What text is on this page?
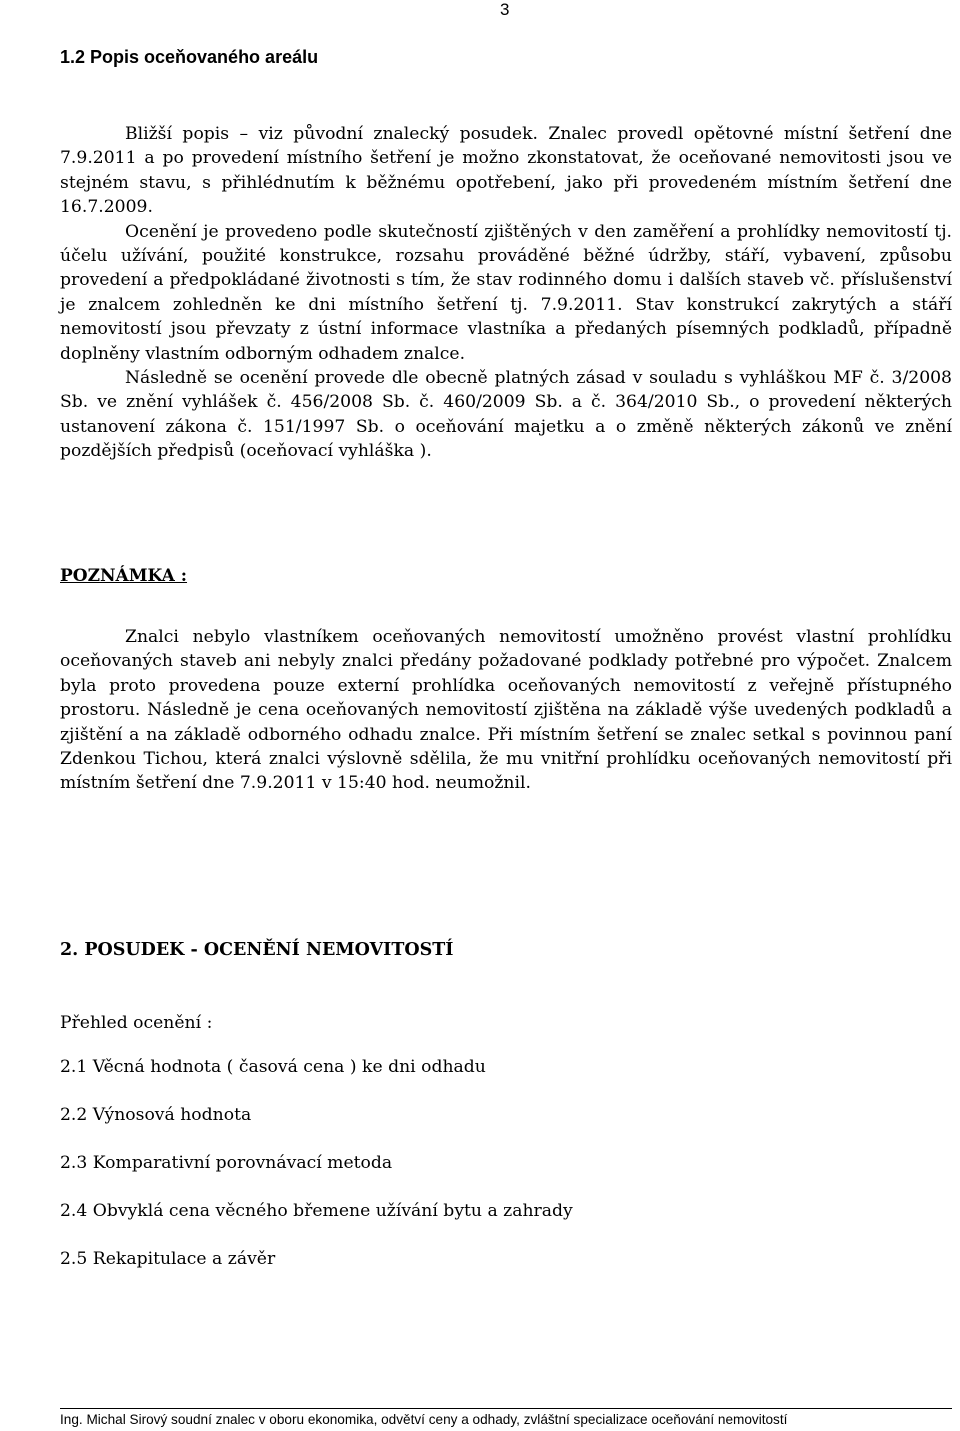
3
1.2 Popis oceňovaného areálu
Bližší popis – viz původní znalecký posudek. Znalec provedl opětovné místní šetření dne 7.9.2011 a po provedení místního šetření je možno zkonstatovat, že oceňované nemovitosti jsou ve stejném stavu, s přihlédnutím k běžnému opotřebení, jako při provedeném místním šetření dne 16.7.2009.
Ocenění je provedeno podle skutečností zjištěných v den zaměření a prohlídky nemovitostí tj. účelu užívání, použité konstrukce, rozsahu prováděné běžné údržby, stáří, vybavení, způsobu provedení a předpokládané životnosti s tím, že stav rodinného domu i dalších staveb vč. příslušenství je znalcem zohledněn ke dni místního šetření tj. 7.9.2011. Stav konstrukcí zakrytých a stáří nemovitostí jsou převzaty z ústní informace vlastníka a předaných písemných podkladů, případně doplněny vlastním odborným odhadem znalce.
Následně se ocenění provede dle obecně platných zásad v souladu s vyhláškou MF č. 3/2008 Sb. ve znění vyhlášek č. 456/2008 Sb. č. 460/2009 Sb. a č. 364/2010 Sb., o provedení některých ustanovení zákona č. 151/1997 Sb. o oceňování majetku a o změně některých zákonů ve znění pozdějších předpisů (oceňovací vyhláška ).
POZNÁMKA :
Znalci nebylo vlastníkem oceňovaných nemovitostí umožněno provést vlastní prohlídku oceňovaných staveb ani nebyly znalci předány požadované podklady potřebné pro výpočet. Znalcem byla proto provedena pouze externí prohlídka oceňovaných nemovitostí z veřejně přístupného prostoru. Následně je cena oceňovaných nemovitostí zjištěna na základě výše uvedených podkladů a zjištění a na základě odborného odhadu znalce. Při místním šetření se znalec setkal s povinnou paní Zdenkou Tichou, která znalci výslovně sdělila, že mu vnitřní prohlídku oceňovaných nemovitostí při místním šetření dne 7.9.2011 v 15:40 hod. neumožnil.
2. POSUDEK - OCENĚNÍ NEMOVITOSTÍ
Přehled ocenění :
2.1 Věcná hodnota ( časová cena ) ke dni odhadu
2.2 Výnosová hodnota
2.3 Komparativní porovnávací metoda
2.4 Obvyklá cena věcného břemene užívání bytu a zahrady
2.5 Rekapitulace a závěr
Ing. Michal Sirový soudní znalec v oboru ekonomika, odvětví ceny a odhady, zvláštní specializace oceňování nemovitostí
